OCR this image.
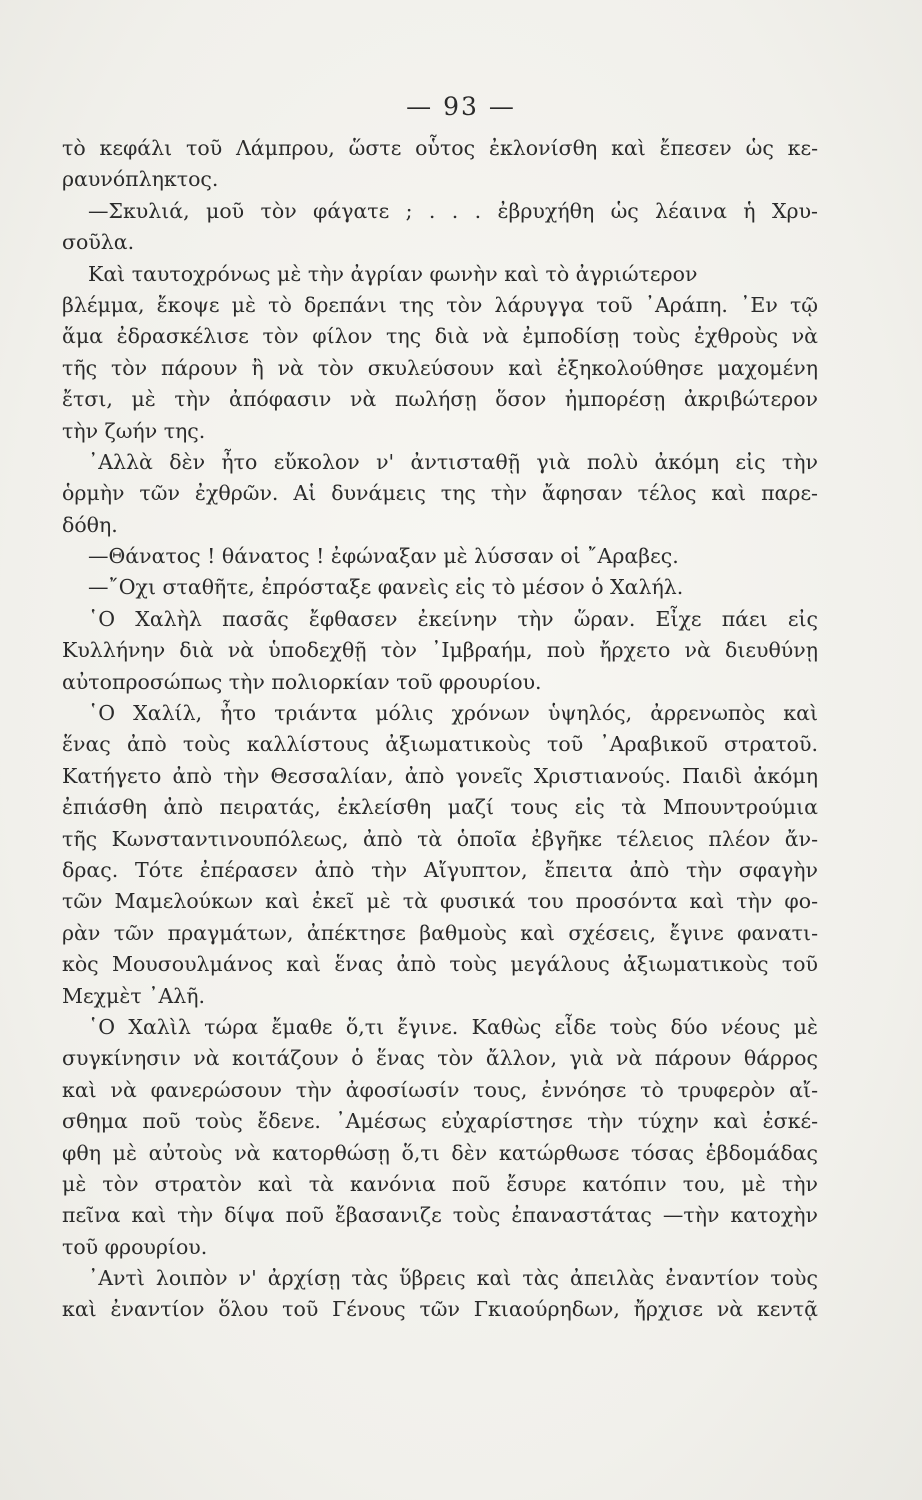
— 93 —
τὸ κεφάλι τοῦ Λάμπρου, ὥστε οὗτος ἐκλονίσθη καὶ ἔπεσεν ὡς κε-
ραυνόπληκτος.
—Σκυλιά, μοῦ τὸν φάγατε ; . . . ἐβρυχήθη ὡς λέαινα ἡ Χρυ-
σοῦλα.
Καὶ ταυτοχρόνως μὲ τὴν ἀγρίαν φωνὴν καὶ τὸ ἀγριώτερον
βλέμμα, ἔκοψε μὲ τὸ δρεπάνι της τὸν λάρυγγα τοῦ ᾿Αράπη. ᾿Εν τῷ
ἅμα ἐδρασκέλισε τὸν φίλον της διὰ νὰ ἐμποδίσῃ τοὺς ἐχθροὺς νὰ
τῆς τὸν πάρουν ἢ νὰ τὸν σκυλεύσουν καὶ ἐξηκολούθησε μαχομένη
ἔτσι, μὲ τὴν ἀπόφασιν νὰ πωλήσῃ ὅσον ἠμπορέσῃ ἀκριβώτερον
τὴν ζωήν της.
᾿Αλλὰ δὲν ἦτο εὔκολον ν' ἀντισταθῇ γιὰ πολὺ ἀκόμη εἰς τὴν
ὁρμὴν τῶν ἐχθρῶν. Αἱ δυνάμεις της τὴν ἄφησαν τέλος καὶ παρε-
δόθη.
—Θάνατος ! θάνατος ! ἐφώναξαν μὲ λύσσαν οἱ ῎Αραβες.
—῎Οχι σταθῆτε, ἐπρόσταξε φανεὶς εἰς τὸ μέσον ὁ Χαλήλ.
῾Ο Χαλὴλ πασᾶς ἔφθασεν ἐκείνην τὴν ὥραν. Εἶχε πάει εἰς
Κυλλήνην διὰ νὰ ὑποδεχθῇ τὸν ᾿Ιμβραήμ, ποὺ ἤρχετο νὰ διευθύνῃ
αὐτοπροσώπως τὴν πολιορκίαν τοῦ φρουρίου.
῾Ο Χαλίλ, ἦτο τριάντα μόλις χρόνων ὑψηλός, ἀρρενωπὸς καὶ
ἕνας ἀπὸ τοὺς καλλίστους ἀξιωματικοὺς τοῦ ᾿Αραβικοῦ στρατοῦ.
Κατήγετο ἀπὸ τὴν Θεσσαλίαν, ἀπὸ γονεῖς Χριστιανούς. Παιδὶ ἀκόμη
ἐπιάσθη ἀπὸ πειρατάς, ἐκλείσθη μαζί τους εἰς τὰ Μπουντρούμια
τῆς Κωνσταντινουπόλεως, ἀπὸ τὰ ὁποῖα ἐβγῆκε τέλειος πλέον ἄν-
δρας. Τότε ἐπέρασεν ἀπὸ τὴν Αἴγυπτον, ἔπειτα ἀπὸ τὴν σφαγὴν
τῶν Μαμελούκων καὶ ἐκεῖ μὲ τὰ φυσικά του προσόντα καὶ τὴν φο-
ρὰν τῶν πραγμάτων, ἀπέκτησε βαθμοὺς καὶ σχέσεις, ἔγινε φανατι-
κὸς Μουσουλμάνος καὶ ἕνας ἀπὸ τοὺς μεγάλους ἀξιωματικοὺς τοῦ
Μεχμὲτ ᾿Αλῆ.
῾Ο Χαλὶλ τώρα ἔμαθε ὅ,τι ἔγινε. Καθὼς εἶδε τοὺς δύο νέους μὲ
συγκίνησιν νὰ κοιτάζουν ὁ ἕνας τὸν ἄλλον, γιὰ νὰ πάρουν θάρρος
καὶ νὰ φανερώσουν τὴν ἀφοσίωσίν τους, ἐννόησε τὸ τρυφερὸν αἴ-
σθημα ποῦ τοὺς ἔδενε. ᾿Αμέσως εὐχαρίστησε τὴν τύχην καὶ ἐσκέ-
φθη μὲ αὐτοὺς νὰ κατορθώσῃ ὅ,τι δὲν κατώρθωσε τόσας ἑβδομάδας
μὲ τὸν στρατὸν καὶ τὰ κανόνια ποῦ ἔσυρε κατόπιν του, μὲ τὴν
πεῖνα καὶ τὴν δίψα ποῦ ἔβασανιζε τοὺς ἐπαναστάτας —τὴν κατοχὴν
τοῦ φρουρίου.
᾿Αντὶ λοιπὸν ν' ἀρχίσῃ τὰς ὕβρεις καὶ τὰς ἀπειλὰς ἐναντίον τοὺς
καὶ ἐναντίον ὅλου τοῦ Γένους τῶν Γκιαούρηδων, ἤρχισε νὰ κεντᾷ
